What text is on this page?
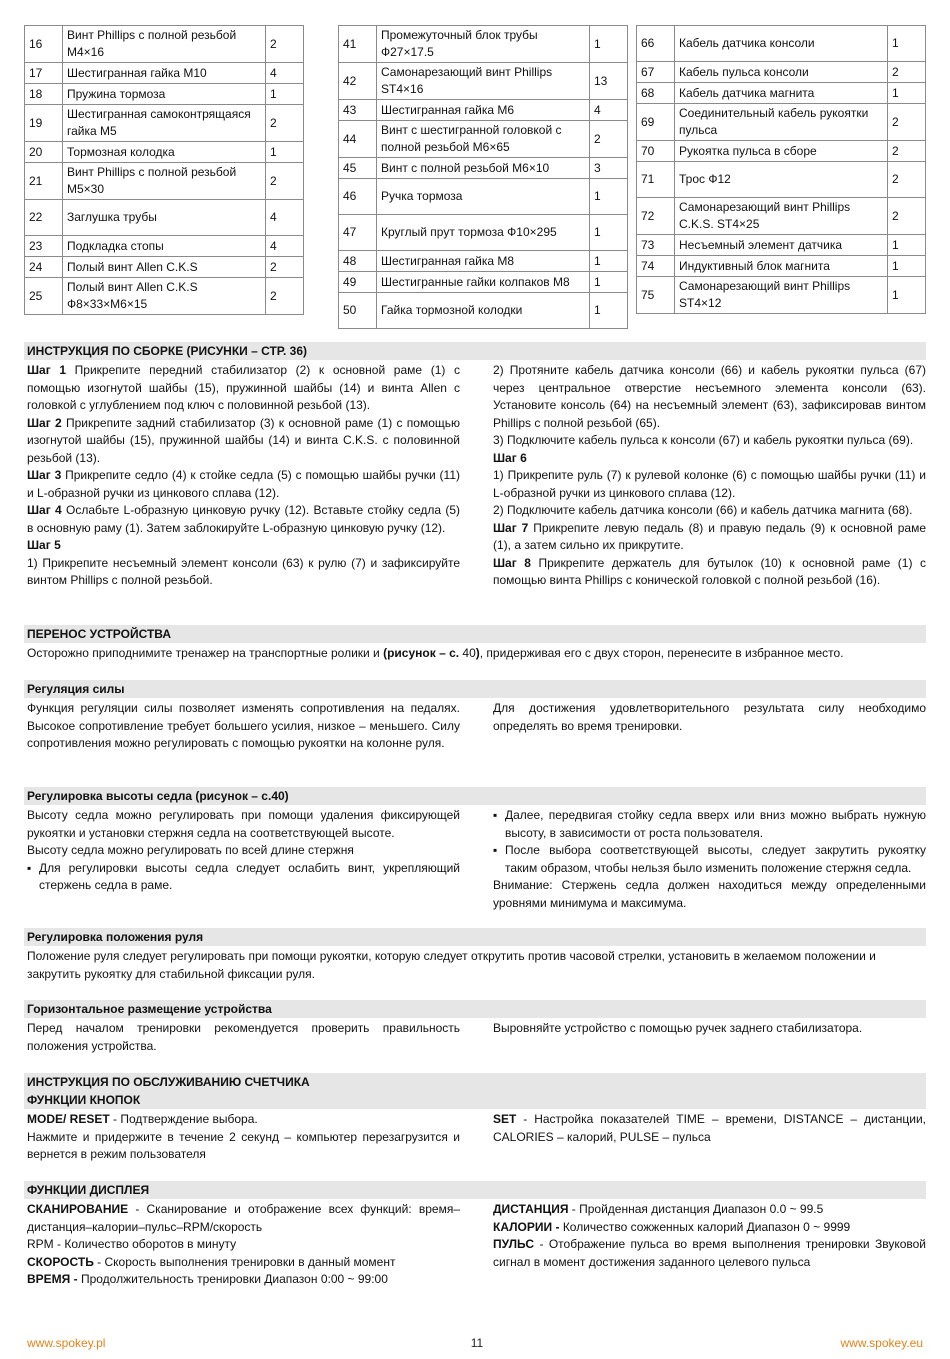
16	Винт Phillips с полной резьбой M4×16	2
17	Шестигранная гайка М10	4
18	Пружина тормоза	1
19	Шестигранная самоконтрящаяся гайка M5	2
20	Тормозная колодка	1
21	Винт Phillips с полной резьбой M5×30	2
22	Заглушка трубы	4
23	Подкладка стопы	4
24	Полый винт Allen C.K.S	2
25	Полый винт Allen C.K.S Ф8×33×M6×15	2
41	Промежуточный блок трубы Ф27×17.5	1
42	Самонарезающий винт Phillips ST4×16	13
43	Шестигранная гайка M6	4
44	Винт с шестигранной головкой с полной резьбой M6×65	2
45	Винт с полной резьбой M6×10	3
46	Ручка тормоза	1
47	Круглый прут тормоза Ф10×295	1
48	Шестигранная гайка M8	1
49	Шестигранные гайки колпаков M8	1
50	Гайка тормозной колодки	1
66	Кабель датчика консоли	1
67	Кабель пульса консоли	2
68	Кабель датчика магнита	1
69	Соединительный кабель рукоятки пульса	2
70	Рукоятка пульса в сборе	2
71	Трос Ф12	2
72	Самонарезающий винт Phillips C.K.S. ST4×25	2
73	Несъемный элемент датчика	1
74	Индуктивный блок магнита	1
75	Самонарезающий винт Phillips ST4×12	1
ИНСТРУКЦИЯ ПО СБОРКЕ (РИСУНКИ – СТР. 36)

Шаг 1 Прикрепите передний стабилизатор (2) к основной раме (1) с помощью изогнутой шайбы (15), пружинной шайбы (14) и винта Allen с головкой с углублением под ключ с половинной резьбой (13).

Шаг 2 Прикрепите задний стабилизатор (3) к основной раме (1) с помощью изогнутой шайбы (15), пружинной шайбы (14) и винта C.K.S. с половинной резьбой (13).

Шаг 3 Прикрепите седло (4) к стойке седла (5) с помощью шайбы ручки (11) и L-образной ручки из цинкового сплава (12).

Шаг 4 Ослабьте L-образную цинковую ручку (12). Вставьте стойку седла (5) в основную раму (1). Затем заблокируйте L-образную цинковую ручку (12).

Шаг 5

1) Прикрепите несъемный элемент консоли (63) к рулю (7) и зафиксируйте винтом Phillips с полной резьбой.

2) Протяните кабель датчика консоли (66) и кабель рукоятки пульса (67) через центральное отверстие несъемного элемента консоли (63). Установите консоль (64) на несъемный элемент (63), зафиксировав винтом Phillips с полной резьбой (65).

3) Подключите кабель пульса к консоли (67) и кабель рукоятки пульса (69).

Шаг 6

1) Прикрепите руль (7) к рулевой колонке (6) с помощью шайбы ручки (11) и L-образной ручки из цинкового сплава (12).

2) Подключите кабель датчика консоли (66) и кабель датчика магнита (68).

Шаг 7 Прикрепите левую педаль (8) и правую педаль (9) к основной раме (1), а затем сильно их прикрутите.

Шаг 8 Прикрепите держатель для бутылок (10) к основной раме (1) с помощью винта Phillips с конической головкой с полной резьбой (16).

ПЕРЕНОС УСТРОЙСТВА

Осторожно приподнимите тренажер на транспортные ролики и (рисунок – с. 40), придерживая его с двух сторон, перенесите в избранное место.

Регуляция силы

Функция регуляции силы позволяет изменять сопротивления на педалях. Высокое сопротивление требует большего усилия, низкое – меньшего. Силу сопротивления можно регулировать с помощью рукоятки на колонне руля.

Для достижения удовлетворительного результата силу необходимо определять во время тренировки.

Регулировка высоты седла (рисунок – с.40)

Высоту седла можно регулировать при помощи удаления фиксирующей рукоятки и установки стержня седла на соответствующей высоте.

Высоту седла можно регулировать по всей длине стержня

▪ Для регулировки высоты седла следует ослабить винт, укрепляющий стержень седла в раме.
▪ Далее, передвигая стойку седла вверх или вниз можно выбрать нужную высоту, в зависимости от роста пользователя.
▪ После выбора соответствующей высоты, следует закрутить рукоятку таким образом, чтобы нельзя было изменить положение стержня седла.

Внимание: Стержень седла должен находиться между определенными уровнями минимума и максимума.

Регулировка положения руля

Положение руля следует регулировать при помощи рукоятки, которую следует открутить против часовой стрелки, установить в желаемом положении и закрутить рукоятку для стабильной фиксации руля.

Горизонтальное размещение устройства

Перед началом тренировки рекомендуется проверить правильность положения устройства.

Выровняйте устройство с помощью ручек заднего стабилизатора.

ИНСТРУКЦИЯ ПО ОБСЛУЖИВАНИЮ СЧЕТЧИКА
ФУНКЦИИ КНОПОК

MODE/ RESET - Подтверждение выбора.

Нажмите и придержите в течение 2 секунд – компьютер перезагрузится и вернется в режим пользователя

SET - Настройка показателей TIME – времени, DISTANCE – дистанции, CALORIES – калорий, PULSE – пульса

ФУНКЦИИ ДИСПЛЕЯ

СКАНИРОВАНИЕ - Сканирование и отображение всех функций: время–дистанция–калории–пульс–RPM/скорость

RPM - Количество оборотов в минуту

СКОРОСТЬ - Скорость выполнения тренировки в данный момент

ВРЕМЯ - Продолжительность тренировки Диапазон 0:00 ~ 99:00

ДИСТАНЦИЯ - Пройденная дистанция Диапазон 0.0 ~ 99.5

КАЛОРИИ - Количество сожженных калорий Диапазон 0 ~ 9999

ПУЛЬС - Отображение пульса во время выполнения тренировки Звуковой сигнал в момент достижения заданного целевого пульса

www.spokey.pl	11	www.spokey.eu
